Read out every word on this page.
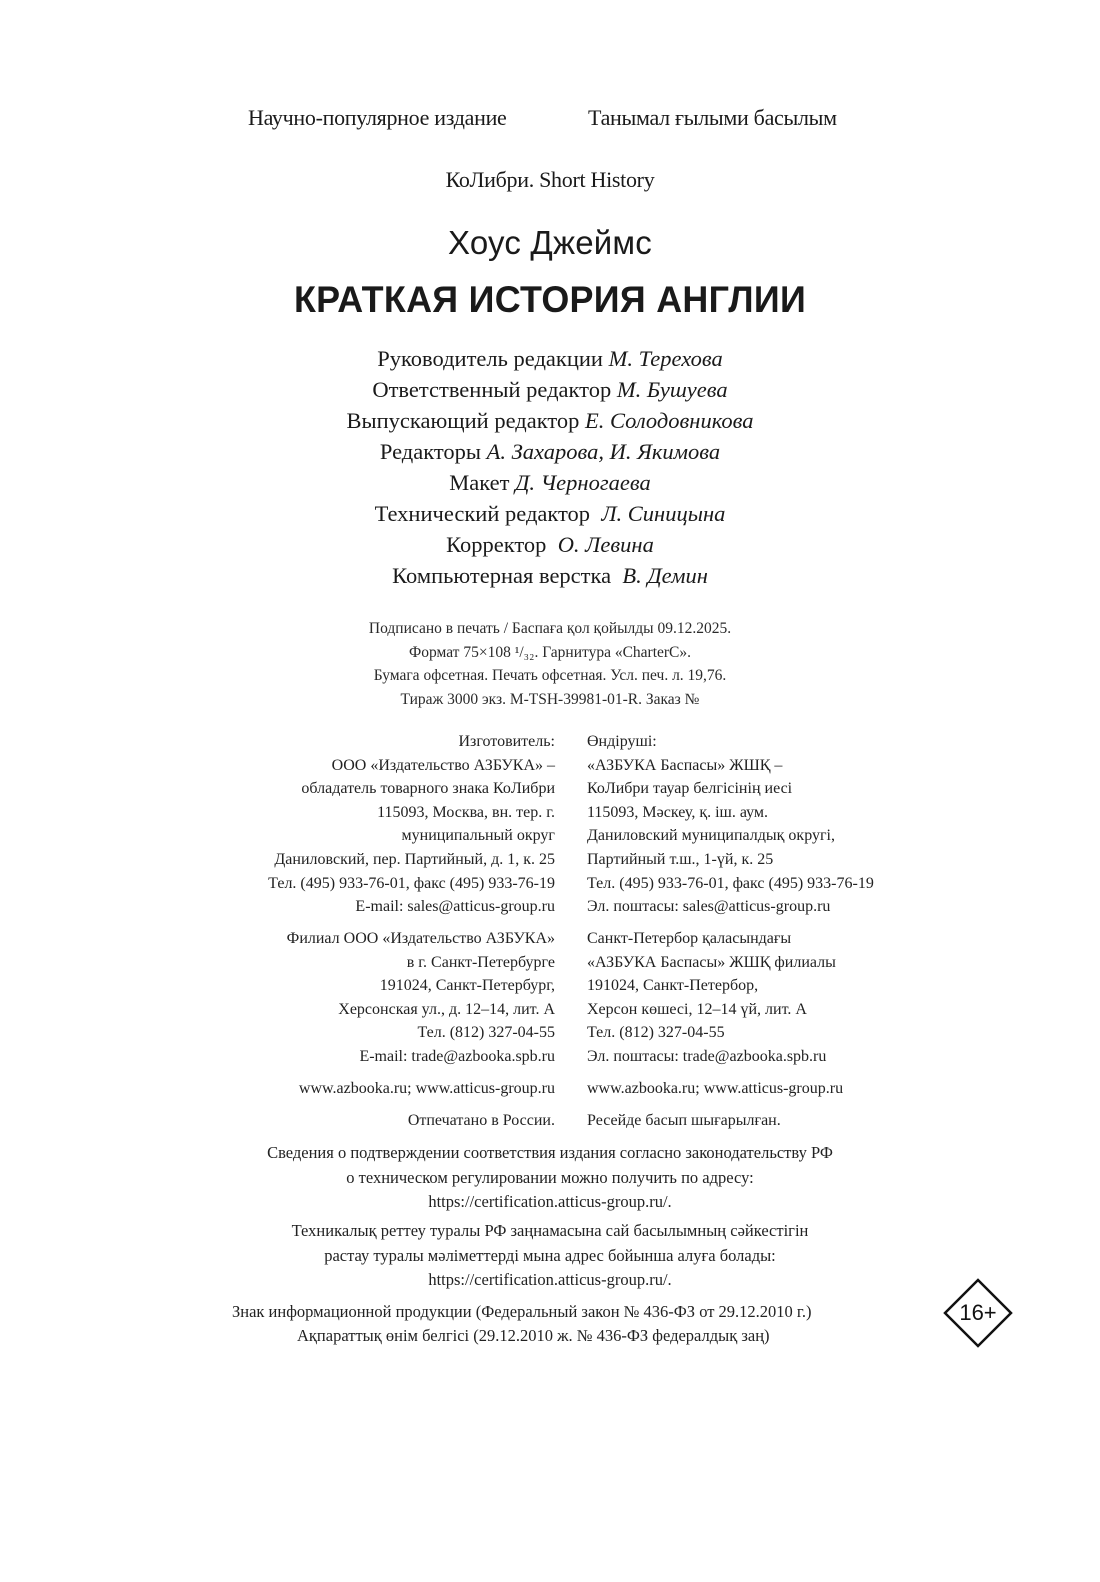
Научно-популярное издание	Танымал ғылыми басылым
КоЛибри. Short History
Хоус Джеймс
КРАТКАЯ ИСТОРИЯ АНГЛИИ
Руководитель редакции М. Терехова
Ответственный редактор М. Бушуева
Выпускающий редактор Е. Солодовникова
Редакторы А. Захарова, И. Якимова
Макет Д. Черногаева
Технический редактор Л. Синицына
Корректор О. Левина
Компьютерная верстка В. Демин
Подписано в печать / Баспаға қол қойылды 09.12.2025.
Формат 75×108 ¹/₃₂. Гарнитура «CharterC».
Бумага офсетная. Печать офсетная. Усл. печ. л. 19,76.
Тираж 3000 экз. M-TSH-39981-01-R. Заказ №
Изготовитель:
ООО «Издательство АЗБУКА» –
обладатель товарного знака КоЛибри
115093, Москва, вн. тер. г.
муниципальный округ
Даниловский, пер. Партийный, д. 1, к. 25
Тел. (495) 933-76-01, факс (495) 933-76-19
E-mail: sales@atticus-group.ru
Өндіруші:
«АЗБУКА Баспасы» ЖШҚ –
КоЛибри тауар белгісінің иесі
115093, Мәскеу, қ. іш. аум.
Даниловский муниципалдық округі,
Партийный т.ш., 1-үй, к. 25
Тел. (495) 933-76-01, факс (495) 933-76-19
Эл. поштасы: sales@atticus-group.ru
Филиал ООО «Издательство АЗБУКА»
в г. Санкт-Петербурге
191024, Санкт-Петербург,
Херсонская ул., д. 12–14, лит. А
Тел. (812) 327-04-55
E-mail: trade@azbooka.spb.ru
Санкт-Петербор қаласындағы
«АЗБУКА Баспасы» ЖШҚ филиалы
191024, Санкт-Петербор,
Херсон көшесі, 12–14 үй, лит. А
Тел. (812) 327-04-55
Эл. поштасы: trade@azbooka.spb.ru
www.azbooka.ru; www.atticus-group.ru www.azbooka.ru; www.atticus-group.ru
Отпечатано в России. Ресейде басып шығарылған.
Сведения о подтверждении соответствия издания согласно законодательству РФ
о техническом регулировании можно получить по адресу:
https://certification.atticus-group.ru/.
Техникалық реттеу туралы РФ заңнамасына сай басылымның сәйкестігін
растау туралы мәліметтерді мына адрес бойынша алуға болады:
https://certification.atticus-group.ru/.
Знак информационной продукции (Федеральный закон № 436-ФЗ от 29.12.2010 г.)
Ақпараттық өнім белгісі (29.12.2010 ж. № 436-ФЗ федералдық заң)
16+
